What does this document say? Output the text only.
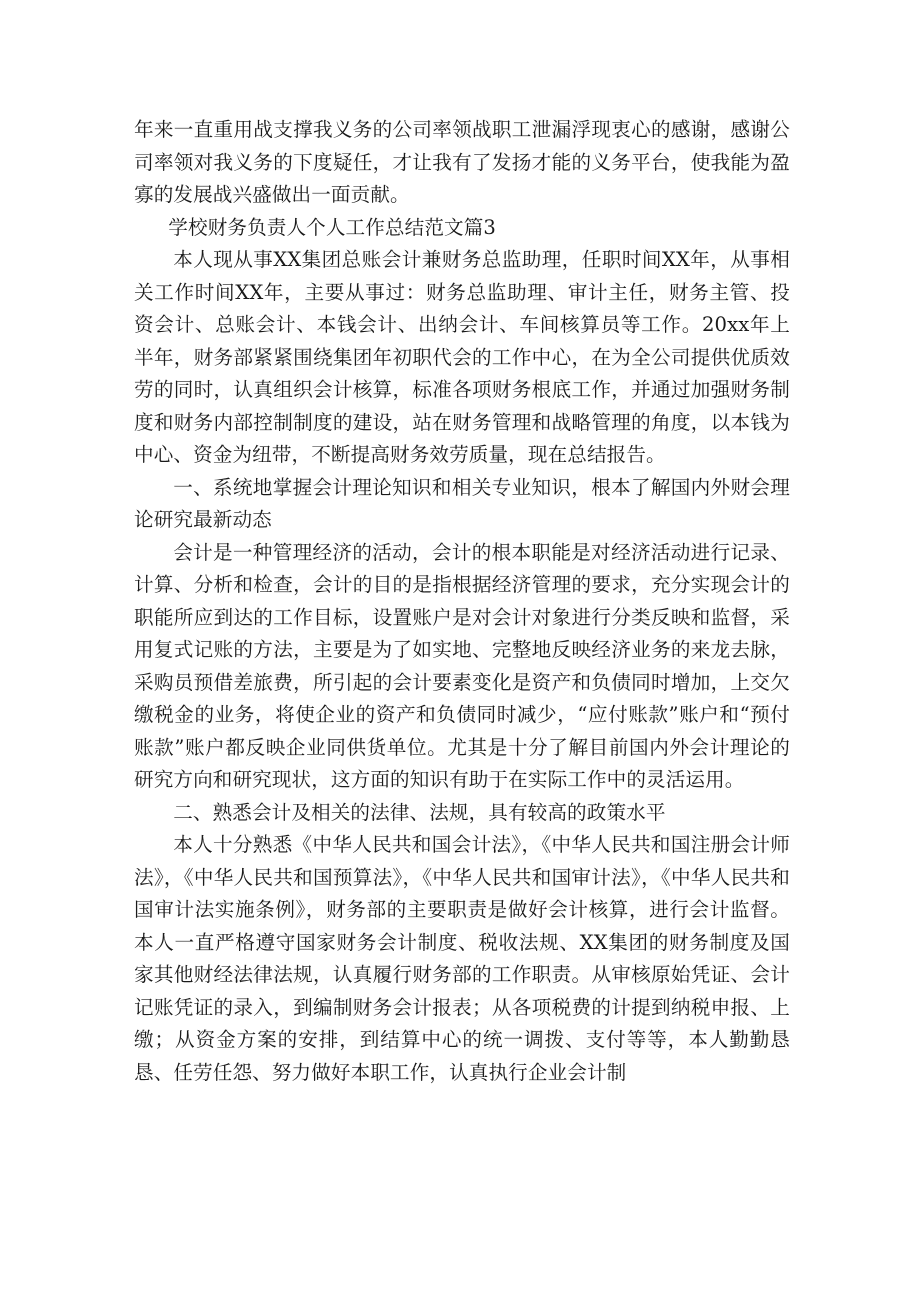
年来一直重用战支撑我义务的公司率领战职工泄漏浮现衷心的感谢，感谢公司率领对我义务的下度疑任，才让我有了发扬才能的义务平台，使我能为盈寡的发展战兴盛做出一面贡献。

学校财务负责人个人工作总结范文篇3

本人现从事XX集团总账会计兼财务总监助理，任职时间XX年，从事相关工作时间XX年，主要从事过：财务总监助理、审计主任，财务主管、投资会计、总账会计、本钱会计、出纳会计、车间核算员等工作。20xx年上半年，财务部紧紧围绕集团年初职代会的工作中心，在为全公司提供优质效劳的同时，认真组织会计核算，标准各项财务根底工作，并通过加强财务制度和财务内部控制制度的建设，站在财务管理和战略管理的角度，以本钱为中心、资金为纽带，不断提高财务效劳质量，现在总结报告。

一、系统地掌握会计理论知识和相关专业知识，根本了解国内外财会理论研究最新动态

会计是一种管理经济的活动，会计的根本职能是对经济活动进行记录、计算、分析和检查，会计的目的是指根据经济管理的要求，充分实现会计的职能所应到达的工作目标，设置账户是对会计对象进行分类反映和监督，采用复式记账的方法，主要是为了如实地、完整地反映经济业务的来龙去脉，采购员预借差旅费，所引起的会计要素变化是资产和负债同时增加，上交欠缴税金的业务，将使企业的资产和负债同时减少，“应付账款”账户和“预付账款”账户都反映企业同供货单位。尤其是十分了解目前国内外会计理论的研究方向和研究现状，这方面的知识有助于在实际工作中的灵活运用。

二、熟悉会计及相关的法律、法规，具有较高的政策水平

本人十分熟悉《中华人民共和国会计法》，《中华人民共和国注册会计师法》，《中华人民共和国预算法》，《中华人民共和国审计法》，《中华人民共和国审计法实施条例》，财务部的主要职责是做好会计核算，进行会计监督。本人一直严格遵守国家财务会计制度、税收法规、XX集团的财务制度及国家其他财经法律法规，认真履行财务部的工作职责。从审核原始凭证、会计记账凭证的录入，到编制财务会计报表；从各项税费的计提到纳税申报、上缴；从资金方案的安排，到结算中心的统一调拨、支付等等，本人勤勤恳恳、任劳任怨、努力做好本职工作，认真执行企业会计制
